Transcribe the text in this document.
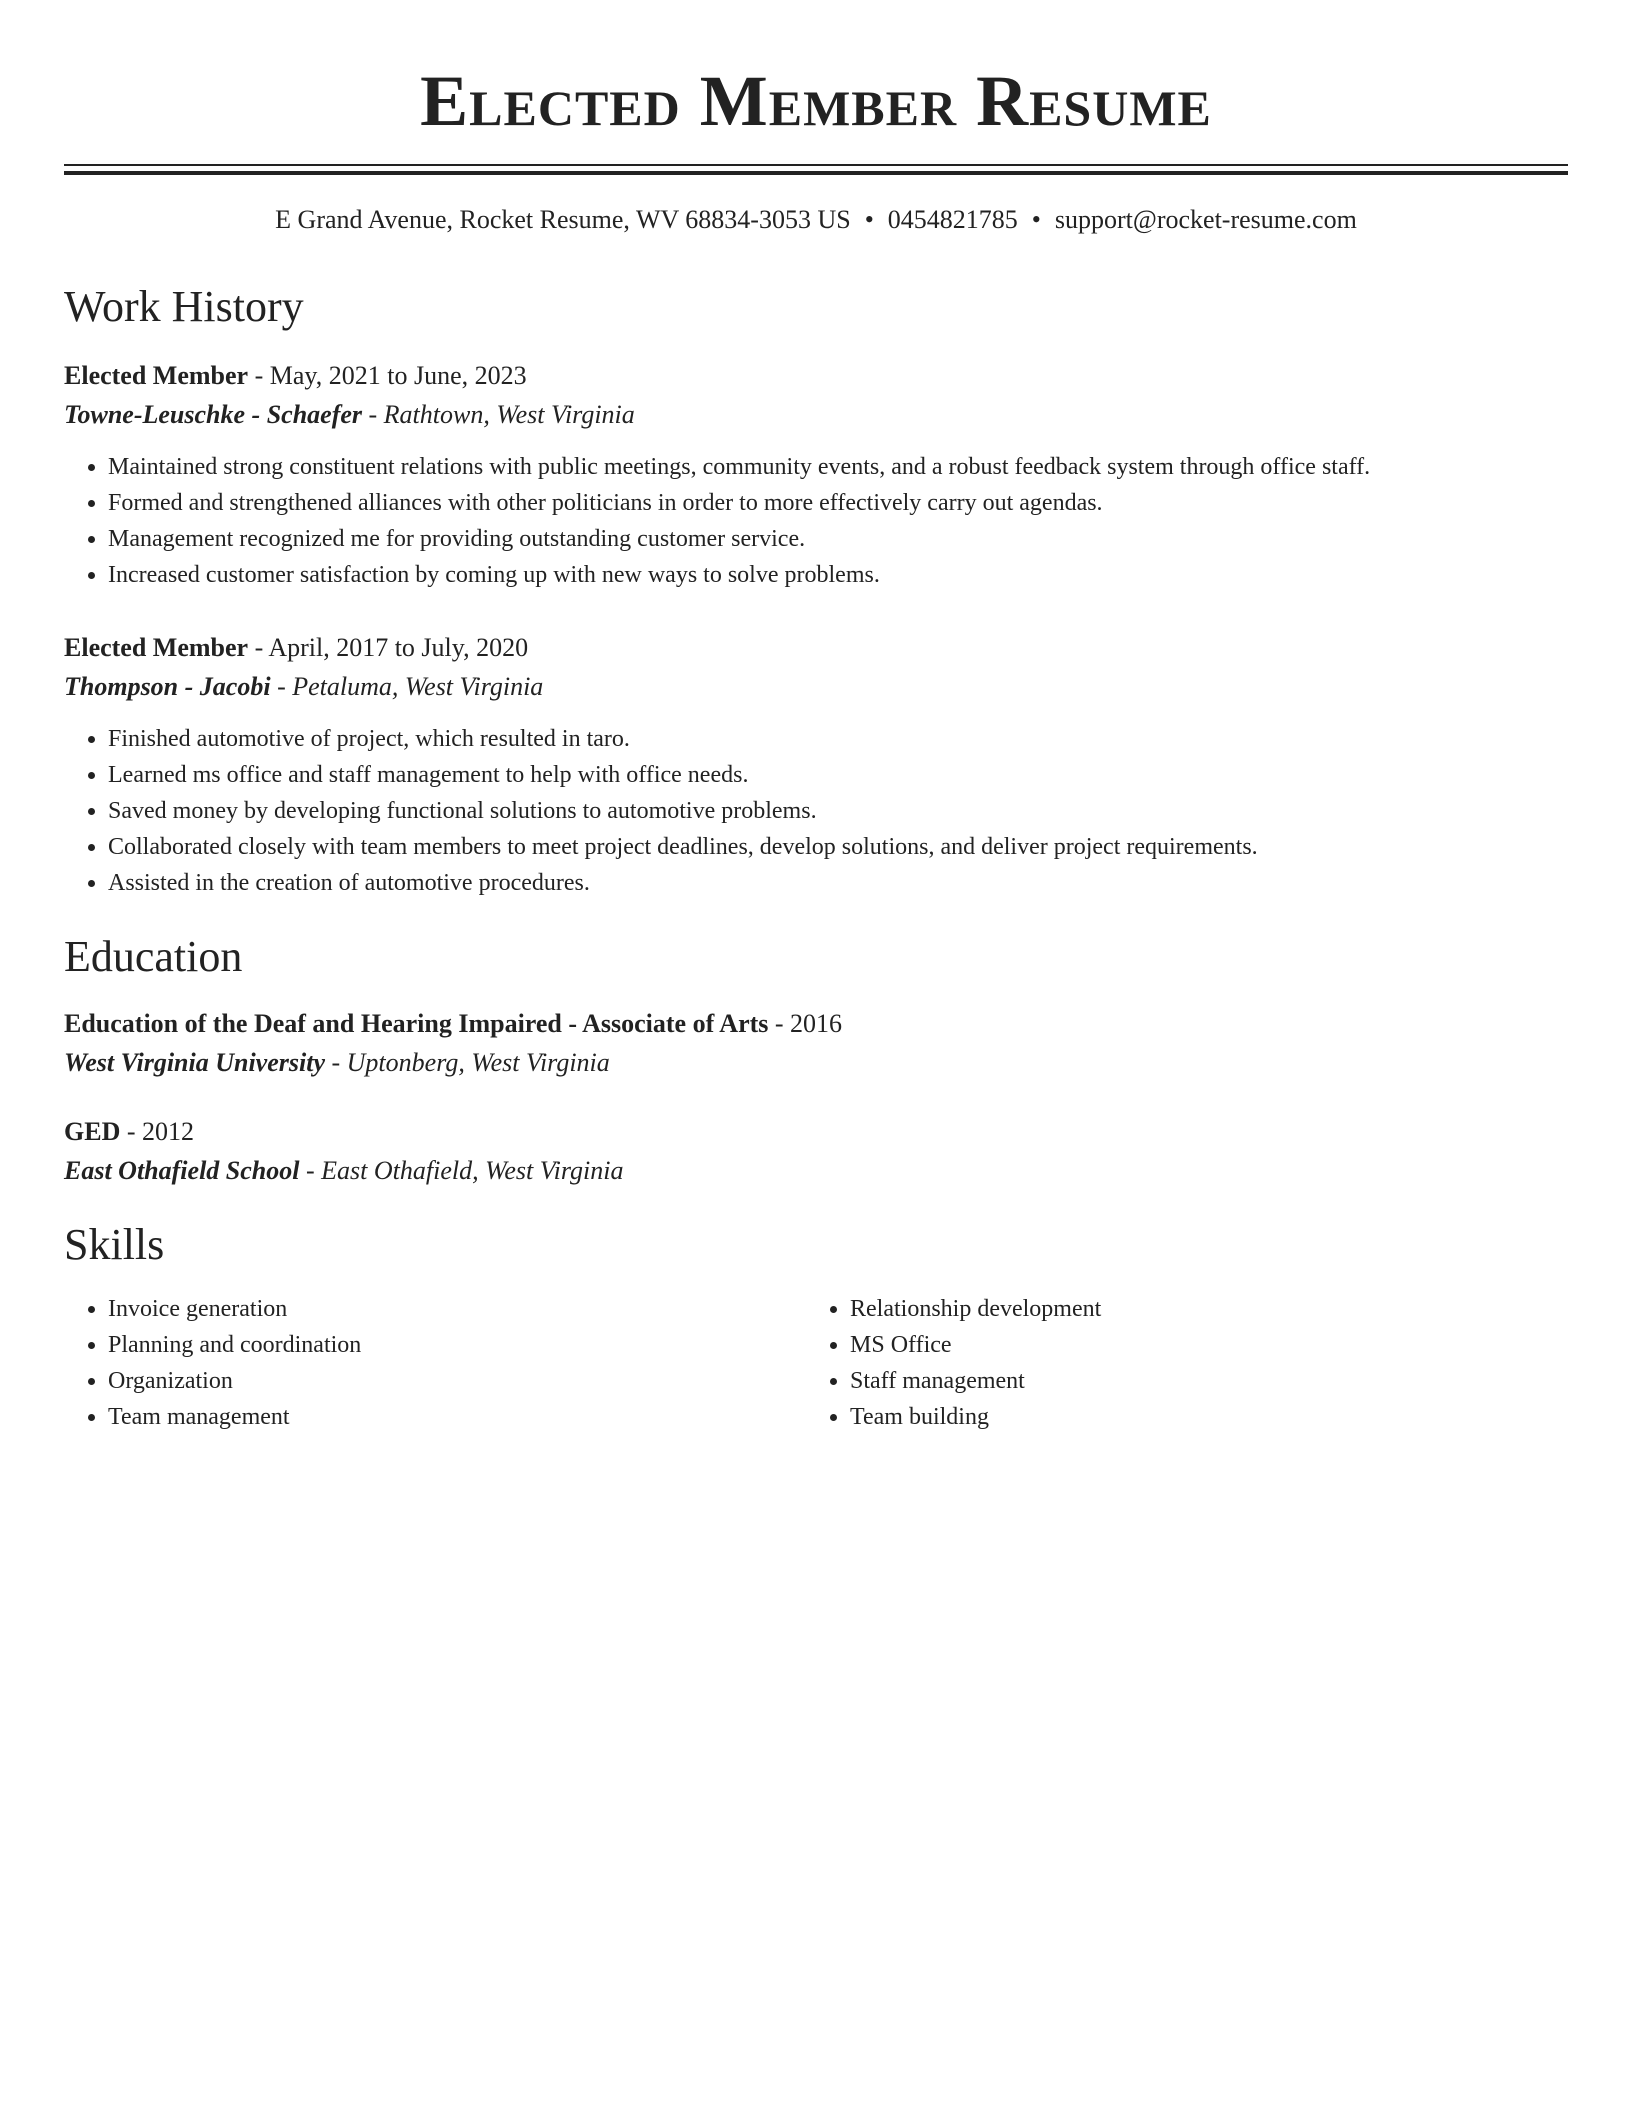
Elected Member Resume
E Grand Avenue, Rocket Resume, WV 68834-3053 US • 0454821785 • support@rocket-resume.com
Work History
Elected Member - May, 2021 to June, 2023
Towne-Leuschke - Schaefer - Rathtown, West Virginia
• Maintained strong constituent relations with public meetings, community events, and a robust feedback system through office staff.
• Formed and strengthened alliances with other politicians in order to more effectively carry out agendas.
• Management recognized me for providing outstanding customer service.
• Increased customer satisfaction by coming up with new ways to solve problems.
Elected Member - April, 2017 to July, 2020
Thompson - Jacobi - Petaluma, West Virginia
• Finished automotive of project, which resulted in taro.
• Learned ms office and staff management to help with office needs.
• Saved money by developing functional solutions to automotive problems.
• Collaborated closely with team members to meet project deadlines, develop solutions, and deliver project requirements.
• Assisted in the creation of automotive procedures.
Education
Education of the Deaf and Hearing Impaired - Associate of Arts - 2016
West Virginia University - Uptonberg, West Virginia
GED - 2012
East Othafield School - East Othafield, West Virginia
Skills
• Invoice generation
• Planning and coordination
• Organization
• Team management
• Relationship development
• MS Office
• Staff management
• Team building
